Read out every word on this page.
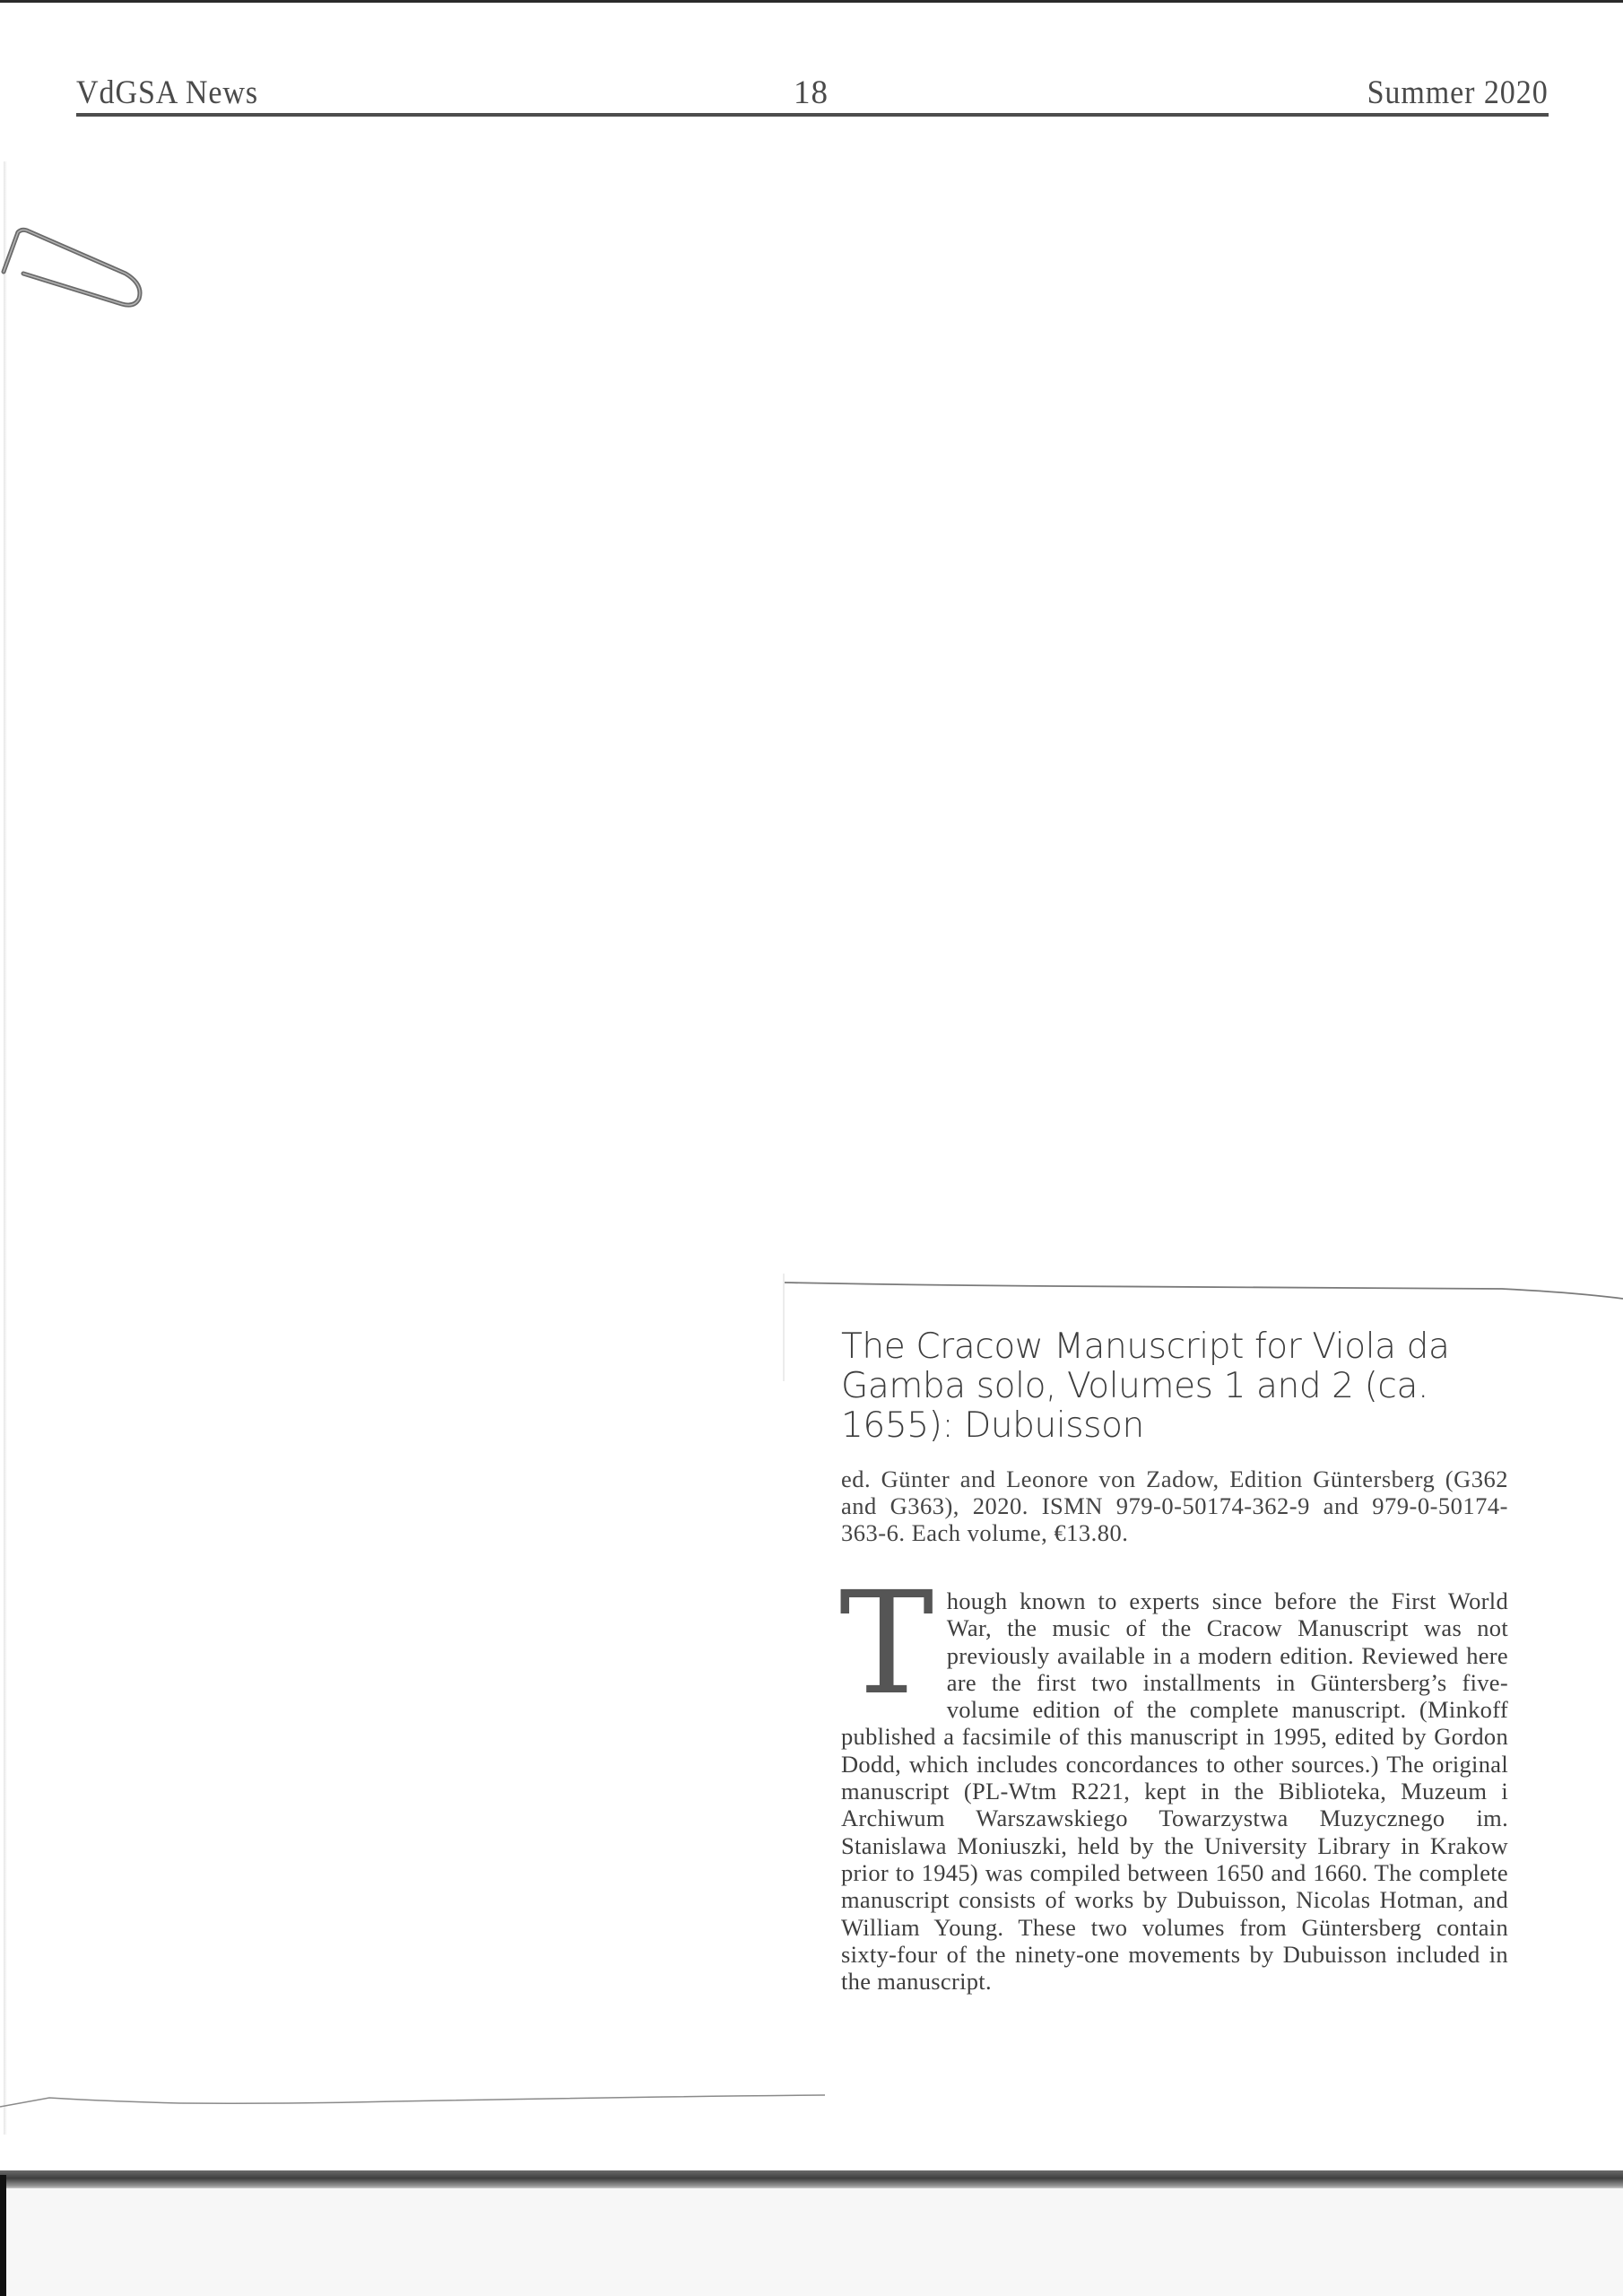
VdGSA News	18	Summer 2020
The Cracow Manuscript for Viola da Gamba solo, Volumes 1 and 2 (ca. 1655): Dubuisson

ed. Günter and Leonore von Zadow, Edition Güntersberg (G362 and G363), 2020. ISMN 979-0-50174-362-9 and 979-0-50174-363-6. Each volume, €13.80.

T hough known to experts since before the First World War, the music of the Cracow Manuscript was not previously available in a modern edition. Reviewed here are the first two installments in Güntersberg’s five-volume edition of the complete manuscript. (Minkoff published a facsimile of this manuscript in 1995, edited by Gordon Dodd, which includes concordances to other sources.) The original manuscript (PL-Wtm R221, kept in the Biblioteka, Muzeum i Archiwum Warszawskiego Towarzystwa Muzycznego im. Stanislawa Moniuszki, held by the University Library in Krakow prior to 1945) was compiled between 1650 and 1660. The complete manuscript consists of works by Dubuisson, Nicolas Hotman, and William Young. These two volumes from Güntersberg contain sixty-four of the ninety-one movements by Dubuisson included in the manuscript.
